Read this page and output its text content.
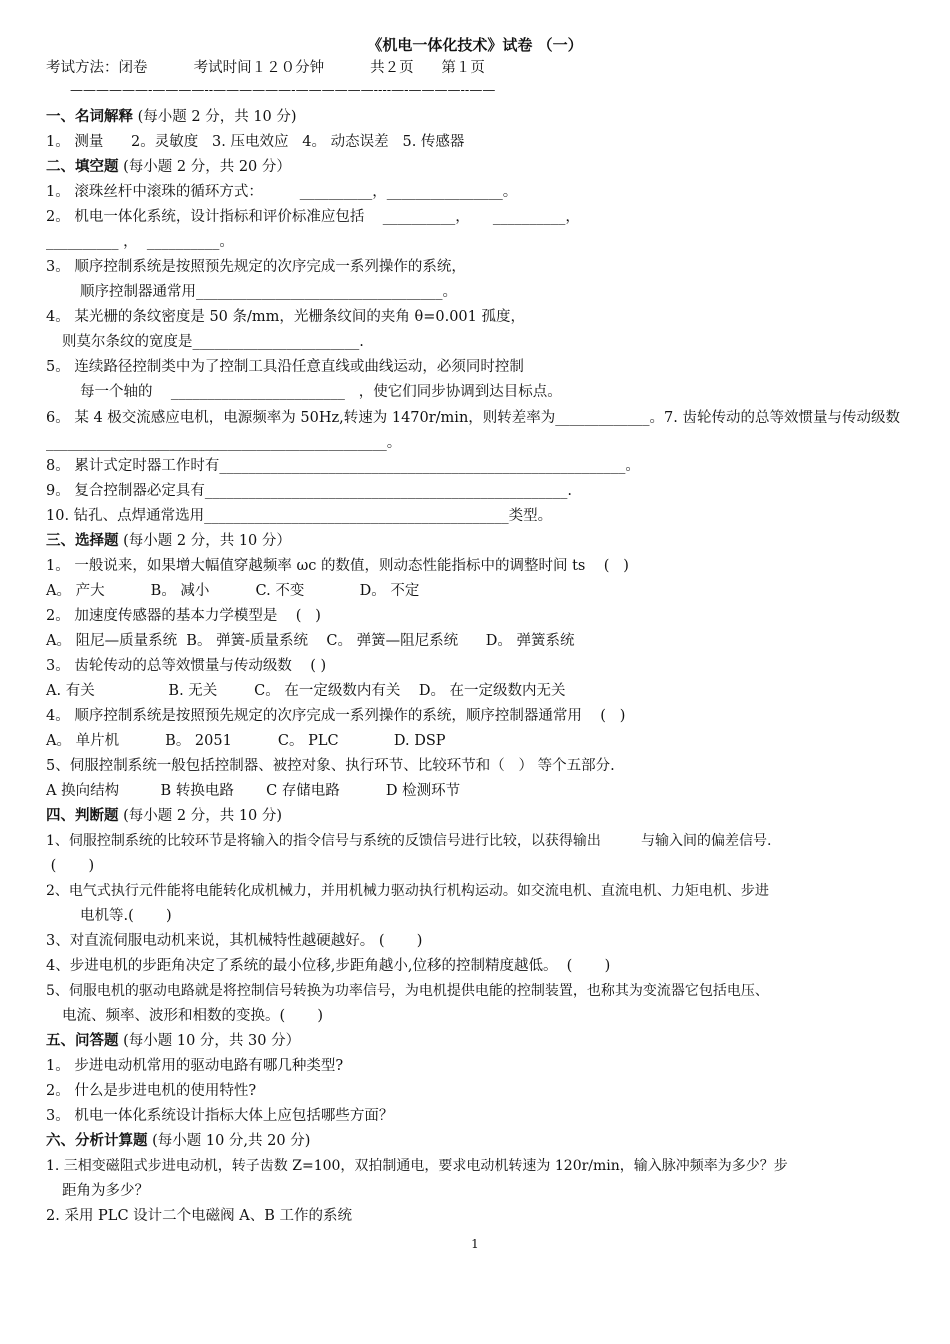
《机电一体化技术》试卷 （一）
考试方法：闭卷          考试时间１２０分钟          共２页      第１页
——————-————--——————-——————----—-————--——
一、名词解释 (每小题 2 分，共 10 分)
1。 测量      2。灵敏度   3. 压电效应   4。 动态误差   5. 传感器
二、填空题 (每小题 2 分，共 20 分）
1。 滚珠丝杆中滚珠的循环方式：        __________，________________。
2。 机电一体化系统，设计指标和评价标准应包括    __________，     __________，
__________ ，  __________。
3。 顺序控制系统是按照预先规定的次序完成一系列操作的系统，
顺序控制器通常用__________________________________。
4。 某光栅的条纹密度是 50 条/mm，光栅条纹间的夹角 θ=0.001 孤度，
则莫尔条纹的宽度是_______________________.
5。 连续路径控制类中为了控制工具沿任意直线或曲线运动，必须同时控制
每一个轴的    ________________________   ，使它们同步协调到达目标点。
6。 某 4 极交流感应电机，电源频率为 50Hz,转速为 1470r/min，则转差率为_____________。7. 齿轮传动的总等效惯量与传动级数_______________________________________________。
8。 累计式定时器工作时有________________________________________________________。
9。 复合控制器必定具有__________________________________________________.
10. 钻孔、点焊通常选用__________________________________________类型。
三、选择题 (每小题 2 分，共 10 分）
1。 一般说来，如果增大幅值穿越频率 ωc 的数值，则动态性能指标中的调整时间 ts    (   )
A。 产大          B。 减小          C. 不变            D。 不定
2。 加速度传感器的基本力学模型是    (   )
A。 阻尼—质量系统  B。 弹簧-质量系统    C。 弹簧—阻尼系统      D。 弹簧系统
3。 齿轮传动的总等效惯量与传动级数    ( )
A. 有关                B. 无关        C。 在一定级数内有关    D。 在一定级数内无关
4。 顺序控制系统是按照预先规定的次序完成一系列操作的系统，顺序控制器通常用    (   )
A。 单片机          B。 2051          C。 PLC            D. DSP
5、伺服控制系统一般包括控制器、被控对象、执行环节、比较环节和（   ） 等个五部分.
A 换向结构         B 转换电路       C 存储电路          D 检测环节
四、判断题 (每小题 2 分，共 10 分)
1、伺服控制系统的比较环节是将输入的指令信号与系统的反馈信号进行比较，以获得输出         与输入间的偏差信号.
(       )
2、电气式执行元件能将电能转化成机械力，并用机械力驱动执行机构运动。如交流电机、直流电机、力矩电机、步进
电机等.(       )
3、对直流伺服电动机来说，其机械特性越硬越好。 (       )
4、步进电机的步距角决定了系统的最小位移,步距角越小,位移的控制精度越低。  (       )
5、伺服电机的驱动电路就是将控制信号转换为功率信号，为电机提供电能的控制装置，也称其为变流器它包括电压、
电流、频率、波形和相数的变换。(       )
五、问答题 (每小题 10 分，共 30 分）
1。 步进电动机常用的驱动电路有哪几种类型?
2。 什么是步进电机的使用特性?
3。 机电一体化系统设计指标大体上应包括哪些方面？
六、分析计算题 (每小题 10 分,共 20 分)
1. 三相变磁阻式步进电动机，转子齿数 Z=100，双拍制通电，要求电动机转速为 120r/min，输入脉冲频率为多少？步
距角为多少？
2. 采用 PLC 设计二个电磁阀 A、B 工作的系统
1
